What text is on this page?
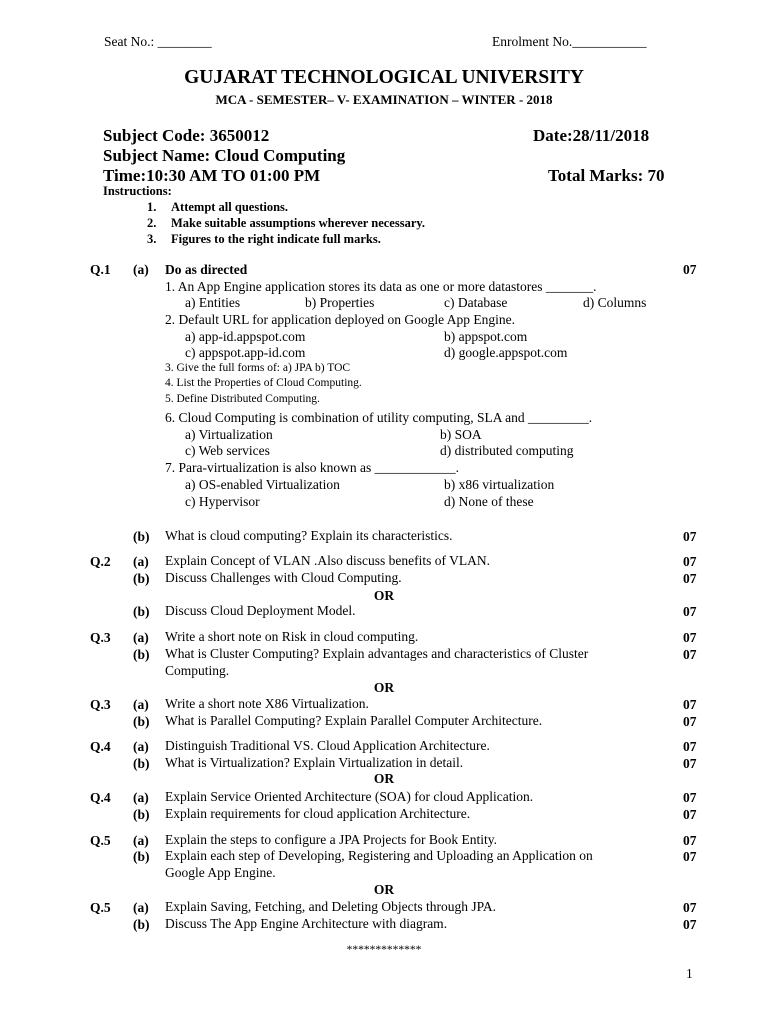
Seat No.: ________	Enrolment No.___________
GUJARAT TECHNOLOGICAL UNIVERSITY
MCA - SEMESTER– V- EXAMINATION – WINTER - 2018
Subject Code: 3650012	Date:28/11/2018
Subject Name: Cloud Computing
Time:10:30 AM TO 01:00 PM	Total Marks: 70
Instructions:
1. Attempt all questions.
2. Make suitable assumptions wherever necessary.
3. Figures to the right indicate full marks.
Q.1 (a) Do as directed	07
1. An App Engine application stores its data as one or more datastores _______.
a) Entities	b) Properties	c) Database	d) Columns
2. Default URL for application deployed on Google App Engine.
a) app-id.appspot.com	b) appspot.com
c) appspot.app-id.com	d) google.appspot.com
3. Give the full forms of: a) JPA b) TOC
4. List the Properties of Cloud Computing.
5. Define Distributed Computing.
6. Cloud Computing is combination of utility computing, SLA and _________.
a) Virtualization	b) SOA
c) Web services	d) distributed computing
7. Para-virtualization is also known as ____________.
a) OS-enabled Virtualization	b) x86 virtualization
c) Hypervisor	d) None of these
(b) What is cloud computing? Explain its characteristics.	07
Q.2 (a) Explain Concept of VLAN .Also discuss benefits of VLAN.	07
(b) Discuss Challenges with Cloud Computing.	07
OR
(b) Discuss Cloud Deployment Model.	07
Q.3 (a) Write a short note on Risk in cloud computing.	07
(b) What is Cluster Computing? Explain advantages and characteristics of Cluster
Computing.
07
OR
Q.3 (a) Write a short note X86 Virtualization.	07
(b) What is Parallel Computing? Explain Parallel Computer Architecture.	07
Q.4 (a) Distinguish Traditional VS. Cloud Application Architecture.	07
(b) What is Virtualization? Explain Virtualization in detail.	07
OR
Q.4 (a) Explain Service Oriented Architecture (SOA) for cloud Application.	07
(b) Explain requirements for cloud application Architecture.	07
Q.5 (a) Explain the steps to configure a JPA Projects for Book Entity.	07
(b) Explain each step of Developing, Registering and Uploading an Application on
Google App Engine.
07
OR
Q.5 (a) Explain Saving, Fetching, and Deleting Objects through JPA.	07
(b) Discuss The App Engine Architecture with diagram.	07
*************
1
